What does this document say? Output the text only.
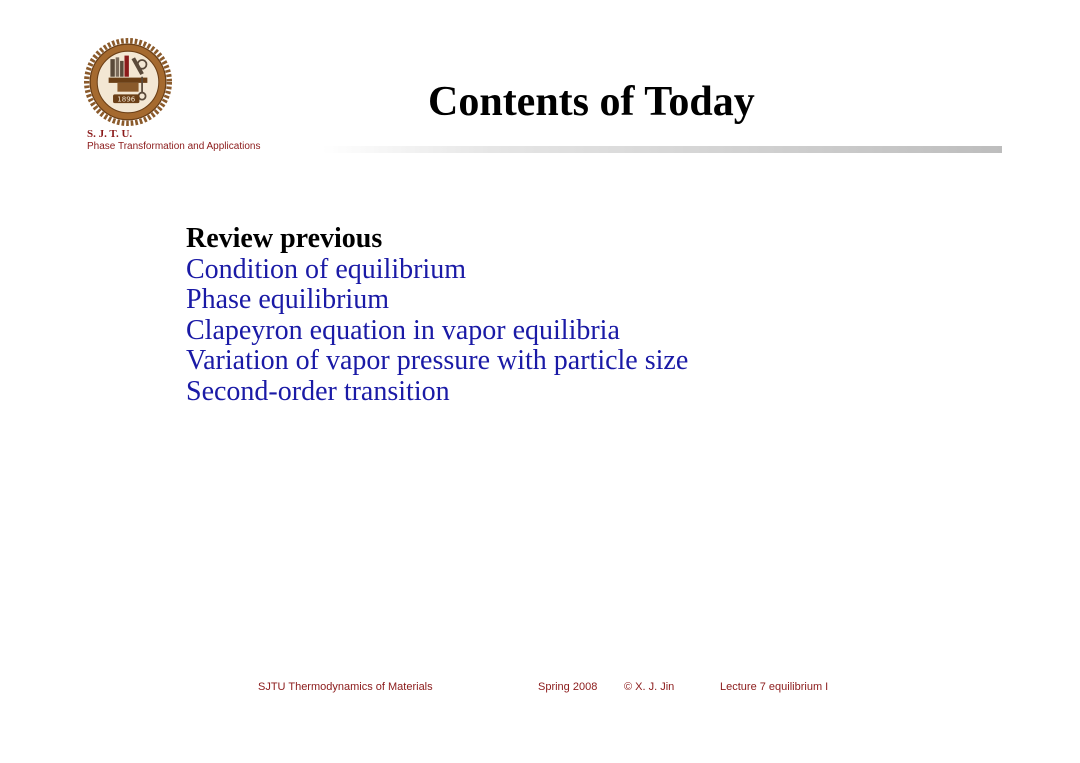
1896
S. J. T. U.
Phase Transformation and Applications
Contents of Today
Review previous
Condition of equilibrium
Phase equilibrium
Clapeyron equation in vapor equilibria
Variation of vapor pressure with particle size
Second-order transition
SJTU Thermodynamics of Materials	Spring 2008 © X. J. Jin	Lecture 7 equilibrium I
